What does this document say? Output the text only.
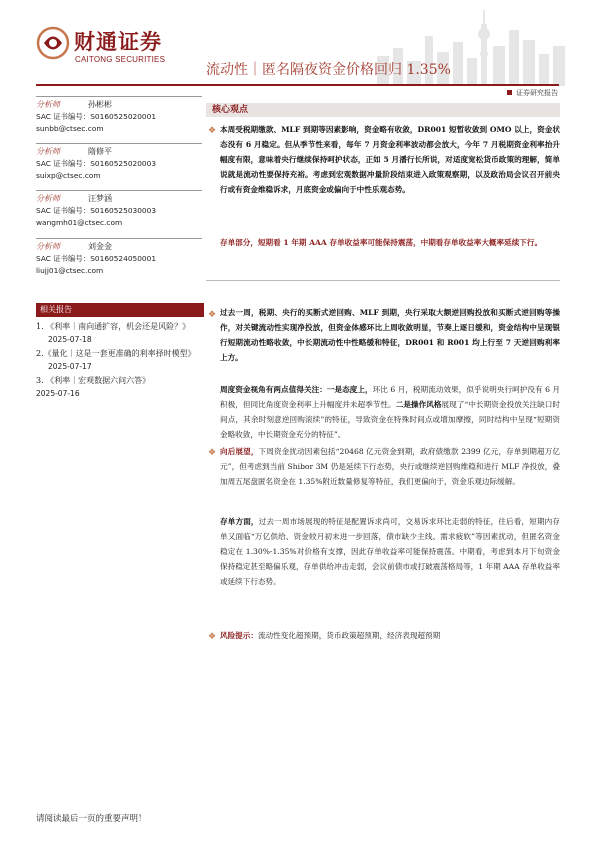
财通证券
CAITONG SECURITIES
流动性｜匿名隔夜资金价格回归 1.35%
证券研究报告
分析师	孙彬彬
SAC 证书编号：S0160525020001
sunbb@ctsec.com
分析师	隋修平
SAC 证书编号：S0160525020003
suixp@ctsec.com
分析师	汪梦涵
SAC 证书编号：S0160525030003
wangmh01@ctsec.com
分析师	刘金金
SAC 证书编号：S0160524050001
liujj01@ctsec.com
相关报告
1. 《利率｜南向通扩容，机会还是风险？》
2025-07-18
2.《量化｜这是一套更准确的利率择时模型》
2025-07-17
3. 《利率｜宏观数据六问六答》
2025-07-16
核心观点
❖ 本周受税期缴款、MLF 到期等因素影响，资金略有收敛，DR001 短暂收敛到 OMO 以上，资金状态没有 6 月稳定。但从季节性来看，每年 7 月资金利率波动都会放大，今年 7 月税期资金利率抬升幅度有限，意味着央行继续保持呵护状态，正如 5 月潘行长所说，对适度宽松货币政策的理解，简单说就是流动性要保持充裕。考虑到宏观数据冲量阶段结束进入政策观察期，以及政治局会议召开前央行或有资金维稳诉求，月底资金或偏向于中性乐观态势。
存单部分，短期看 1 年期 AAA 存单收益率可能保持震荡，中期看存单收益率大概率延续下行。
❖ 过去一周，税期、央行的买断式逆回购、MLF 到期，央行采取大额逆回购投放和买断式逆回购等操作，对关键流动性实现净投放，但资金体感环比上周收敛明显，节奏上逐日缓和，资金结构中呈现银行短期流动性略收敛，中长期流动性中性略缓和特征，DR001 和 R001 均上行至 7 天逆回购利率上方。
周度资金视角有两点值得关注：一是态度上，环比 6 月，税期流动效果，似乎说明央行呵护没有 6 月积极，但同比角度资金利率上升幅度并未超季节性。二是操作风格展现了“中长期资金投放关注缺口时间点，其余时刻意逆回购滚续”的特征，导致资金在特殊时间点或增加摩擦，同时结构中呈现“短期资金略收敛，中长期资金充分的特征”。
❖ 向后展望，下周资金扰动因素包括“20468 亿元资金到期，政府债缴款 2399 亿元，存单到期超万亿元”，但考虑到当前 Shibor 3M 仍是延续下行态势，央行或继续逆回购维稳和进行 MLF 净投放，叠加周五尾盘匿名资金在 1.35%附近数量修复等特征，我们更偏向于，资金乐观边际缓解。
存单方面，过去一周市场展现的特征是配置诉求尚可，交易诉求环比走弱的特征，往后看，短期内存单又面临“万亿供给、资金较月初末进一步回落，债市缺少主线、需求疲软”等因素扰动，但匿名资金稳定在 1.30%-1.35%对价格有支撑，因此存单收益率可能保持震荡。中期看，考虑到本月下旬资金保持稳定甚至略偏乐观，存单供给冲击走弱，会议前债市或打破震荡格局等，1 年期 AAA 存单收益率或延续下行态势。
❖ 风险提示：流动性变化超预期，货币政策超预期，经济表现超预期
请阅读最后一页的重要声明！
